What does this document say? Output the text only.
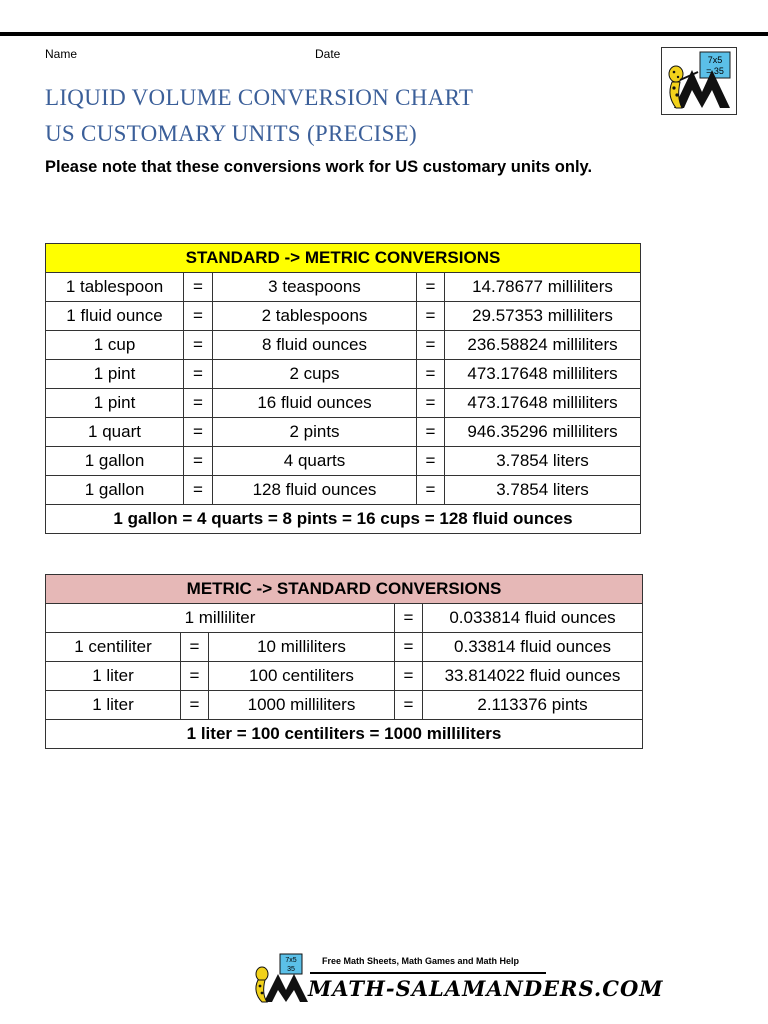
Name	Date
LIQUID VOLUME CONVERSION CHART
US CUSTOMARY UNITS (PRECISE)
Please note that these conversions work for US customary units only.
7x5
= 35
STANDARD -> METRIC CONVERSIONS				
1 tablespoon	=	3 teaspoons	=	14.78677 milliliters
1 fluid ounce	=	2 tablespoons	=	29.57353 milliliters
1 cup	=	8 fluid ounces	=	236.58824 milliliters
1 pint	=	2 cups	=	473.17648 milliliters
1 pint	=	16 fluid ounces	=	473.17648 milliliters
1 quart	=	2 pints	=	946.35296 milliliters
1 gallon	=	4 quarts	=	3.7854 liters
1 gallon	=	128 fluid ounces	=	3.7854 liters
1 gallon = 4 quarts = 8 pints = 16 cups = 128 fluid ounces				
METRIC -> STANDARD CONVERSIONS				
1 milliliter			=	0.033814 fluid ounces
1 centiliter	=	10 milliliters	=	0.33814 fluid ounces
1 liter	=	100 centiliters	=	33.814022 fluid ounces
1 liter	=	1000 milliliters	=	2.113376 pints
1 liter = 100 centiliters = 1000 milliliters				
7x5
35
Free Math Sheets, Math Games and Math Help
MATH-SALAMANDERS.COM
